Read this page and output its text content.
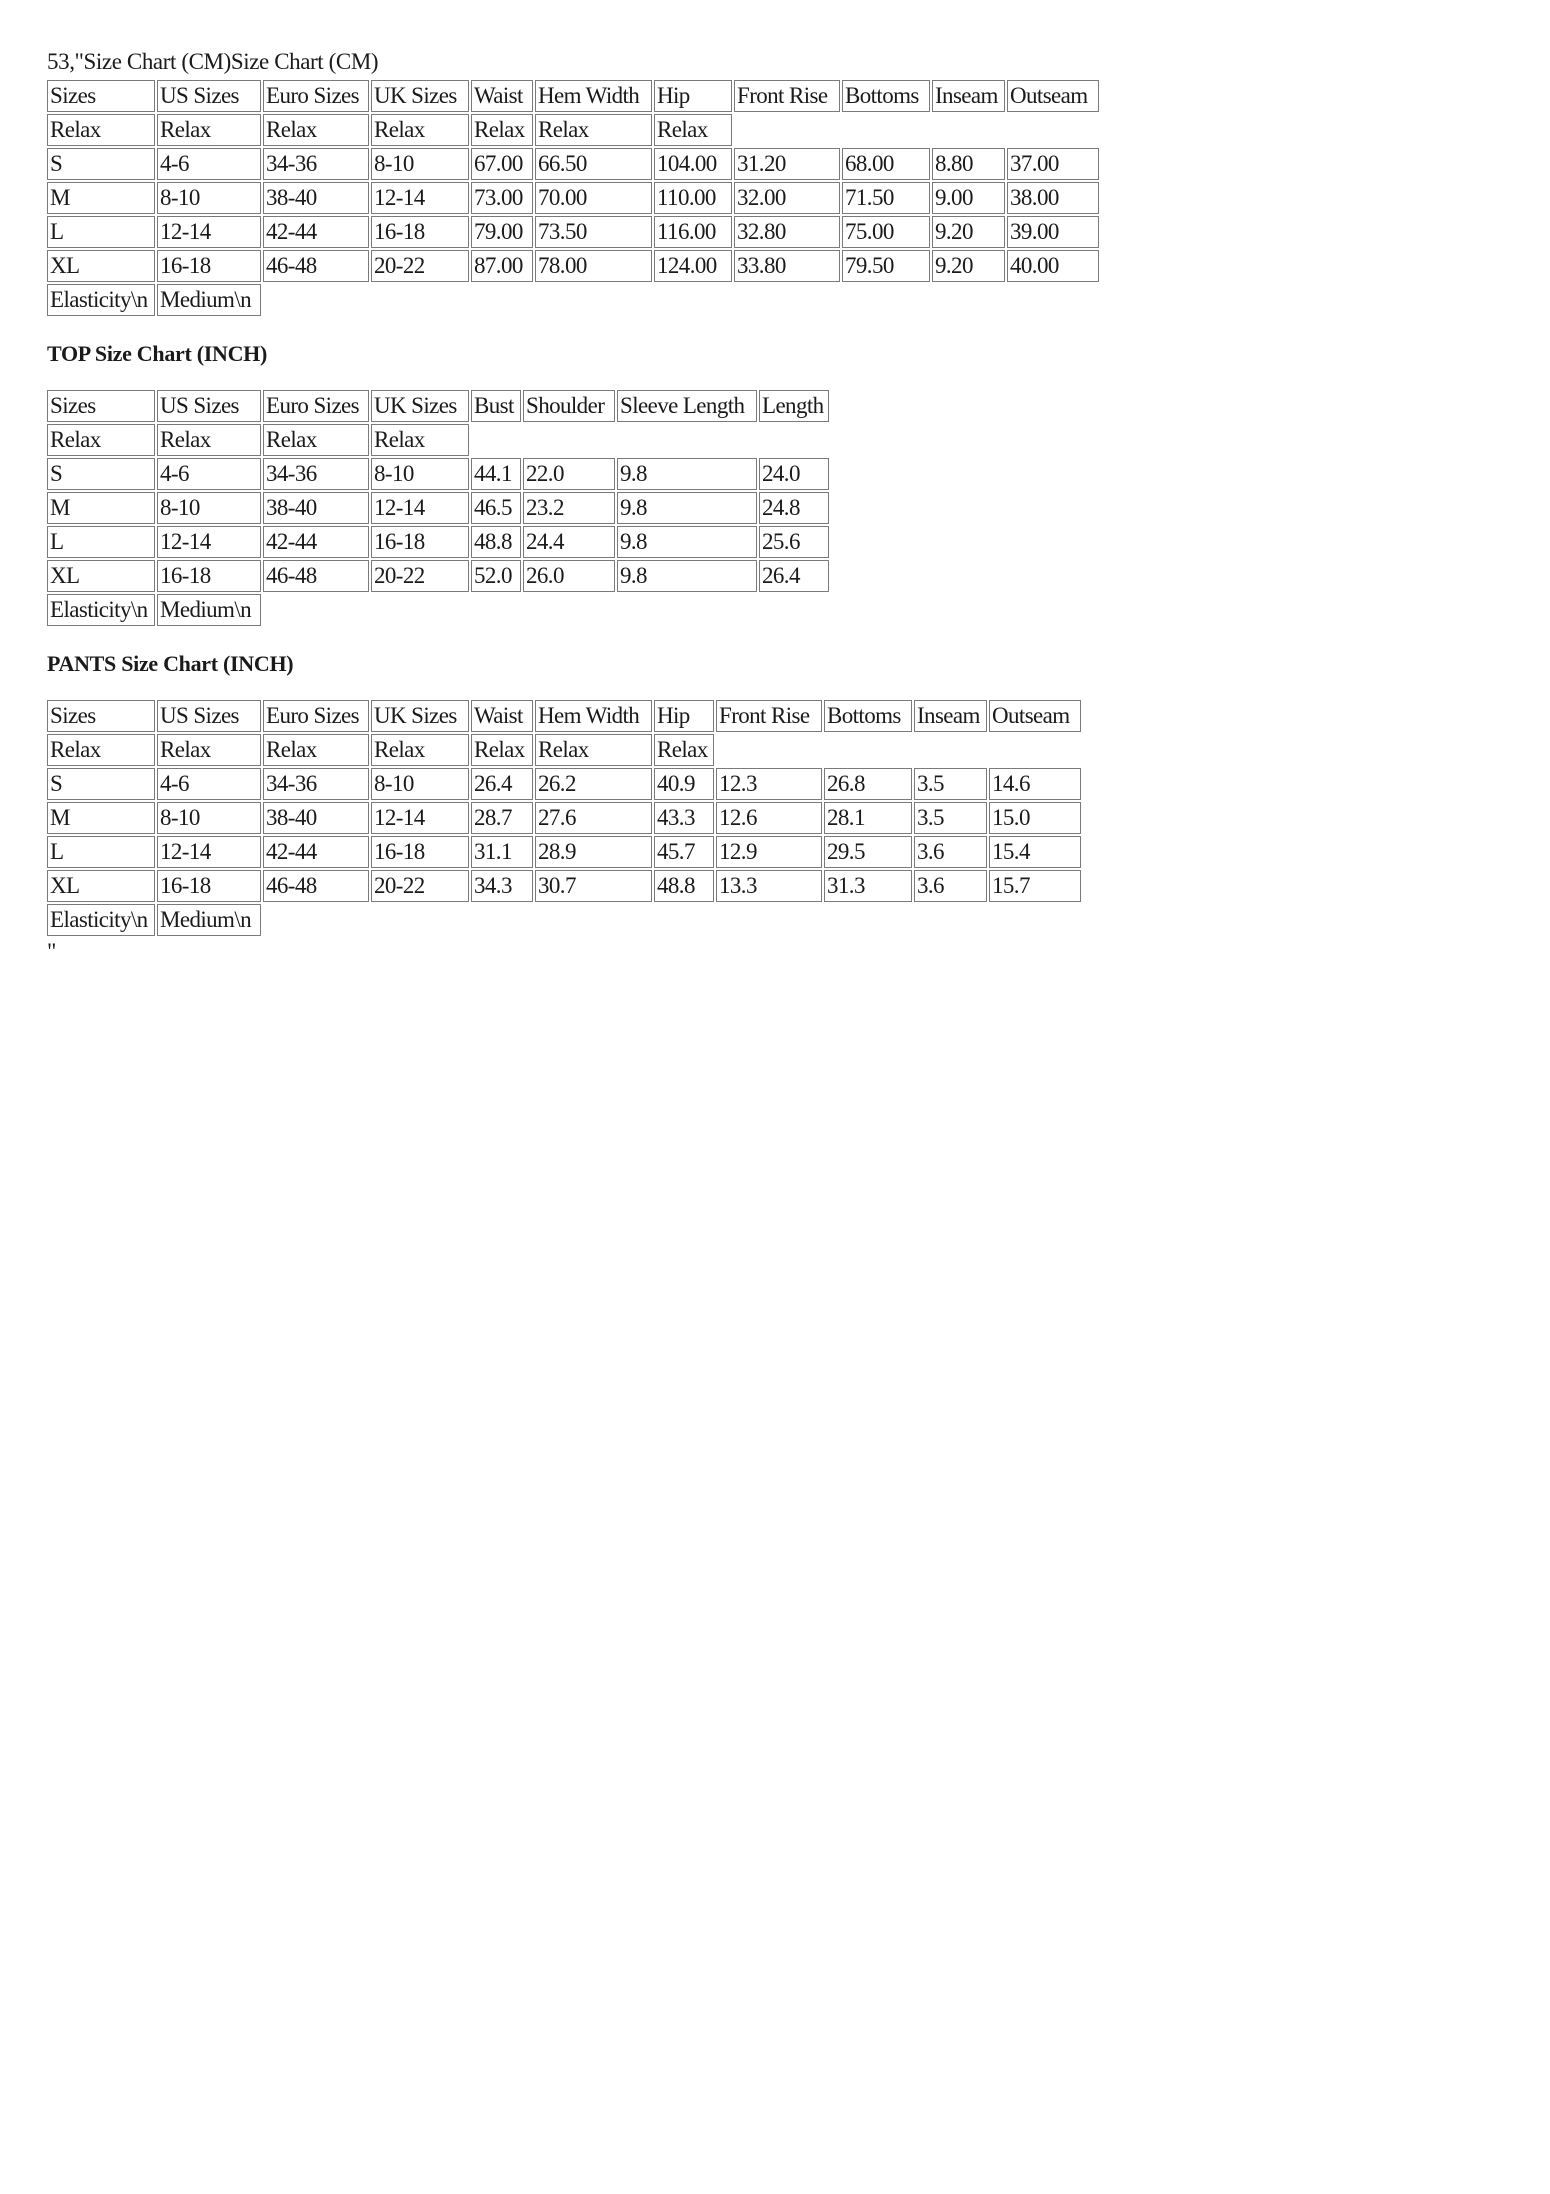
53,"Size Chart (CM)Size Chart (CM)
Sizes	US Sizes	Euro Sizes	UK Sizes	Waist	Hem Width	Hip	Front Rise	Bottoms	Inseam	Outseam
Relax	Relax	Relax	Relax	Relax	Relax	Relax				
S	4-6	34-36	8-10	67.00	66.50	104.00	31.20	68.00	8.80	37.00
M	8-10	38-40	12-14	73.00	70.00	110.00	32.00	71.50	9.00	38.00
L	12-14	42-44	16-18	79.00	73.50	116.00	32.80	75.00	9.20	39.00
XL	16-18	46-48	20-22	87.00	78.00	124.00	33.80	79.50	9.20	40.00
Elasticity\n	Medium\n									
TOP Size Chart (INCH)
Sizes	US Sizes	Euro Sizes	UK Sizes	Bust	Shoulder	Sleeve Length	Length
Relax	Relax	Relax	Relax				
S	4-6	34-36	8-10	44.1	22.0	9.8	24.0
M	8-10	38-40	12-14	46.5	23.2	9.8	24.8
L	12-14	42-44	16-18	48.8	24.4	9.8	25.6
XL	16-18	46-48	20-22	52.0	26.0	9.8	26.4
Elasticity\n	Medium\n						
PANTS Size Chart (INCH)
Sizes	US Sizes	Euro Sizes	UK Sizes	Waist	Hem Width	Hip	Front Rise	Bottoms	Inseam	Outseam
Relax	Relax	Relax	Relax	Relax	Relax	Relax				
S	4-6	34-36	8-10	26.4	26.2	40.9	12.3	26.8	3.5	14.6
M	8-10	38-40	12-14	28.7	27.6	43.3	12.6	28.1	3.5	15.0
L	12-14	42-44	16-18	31.1	28.9	45.7	12.9	29.5	3.6	15.4
XL	16-18	46-48	20-22	34.3	30.7	48.8	13.3	31.3	3.6	15.7
Elasticity\n	Medium\n									
"
